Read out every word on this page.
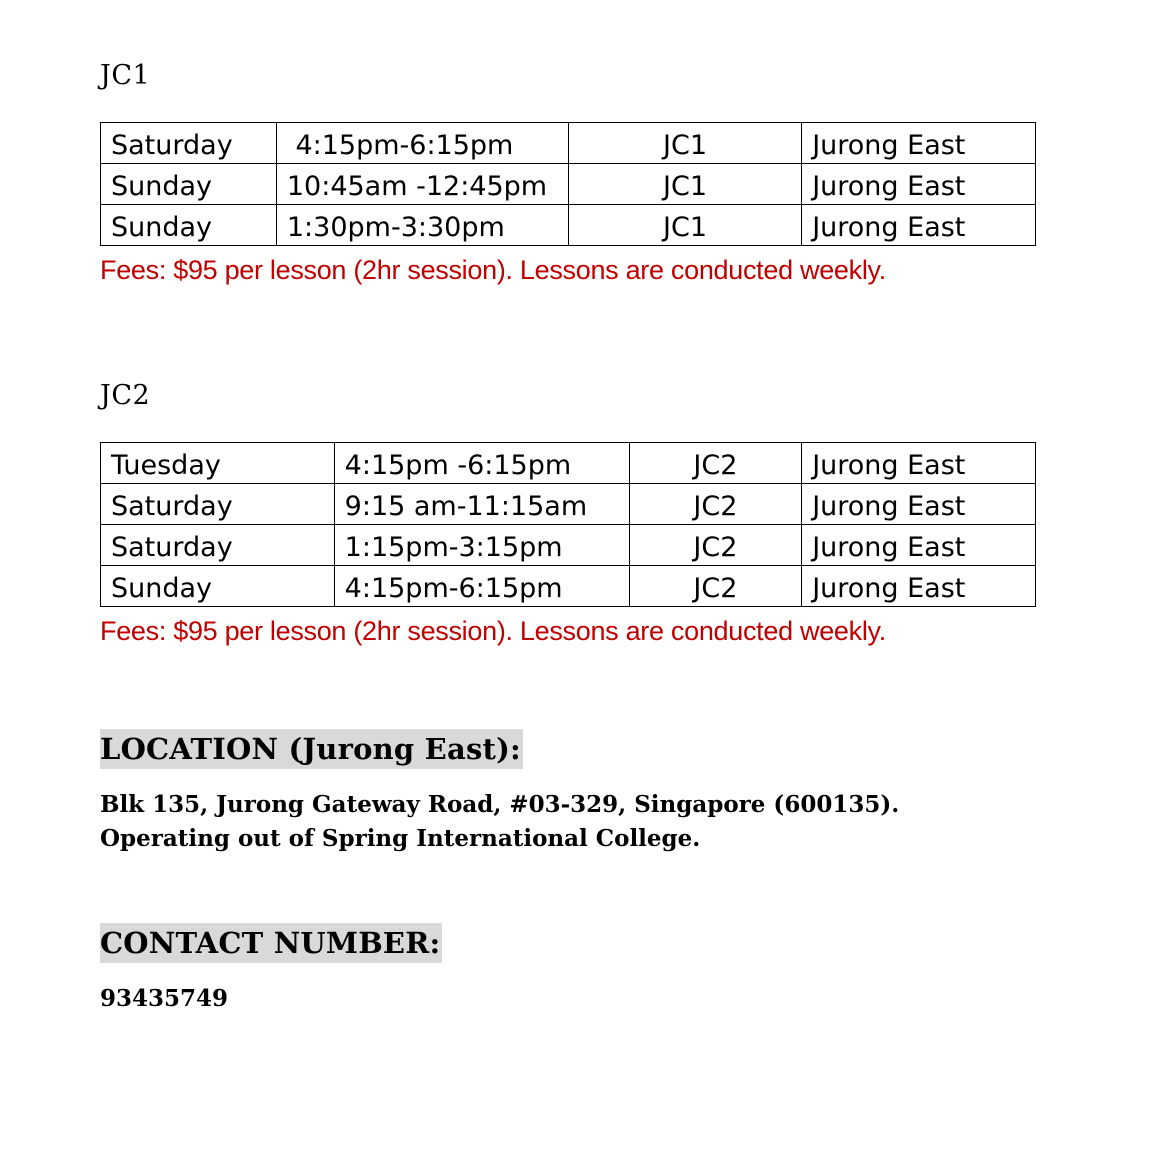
JC1
Saturday	4:15pm-6:15pm	JC1	Jurong East
Sunday	10:45am -12:45pm	JC1	Jurong East
Sunday	1:30pm-3:30pm	JC1	Jurong East

Fees: $95 per lesson (2hr session). Lessons are conducted weekly.

JC2
Tuesday	4:15pm -6:15pm	JC2	Jurong East
Saturday	9:15 am-11:15am	JC2	Jurong East
Saturday	1:15pm-3:15pm	JC2	Jurong East
Sunday	4:15pm-6:15pm	JC2	Jurong East

Fees: $95 per lesson (2hr session). Lessons are conducted weekly.

LOCATION (Jurong East):

Blk 135, Jurong Gateway Road, #03-329, Singapore (600135).

Operating out of Spring International College.

CONTACT NUMBER:

93435749
